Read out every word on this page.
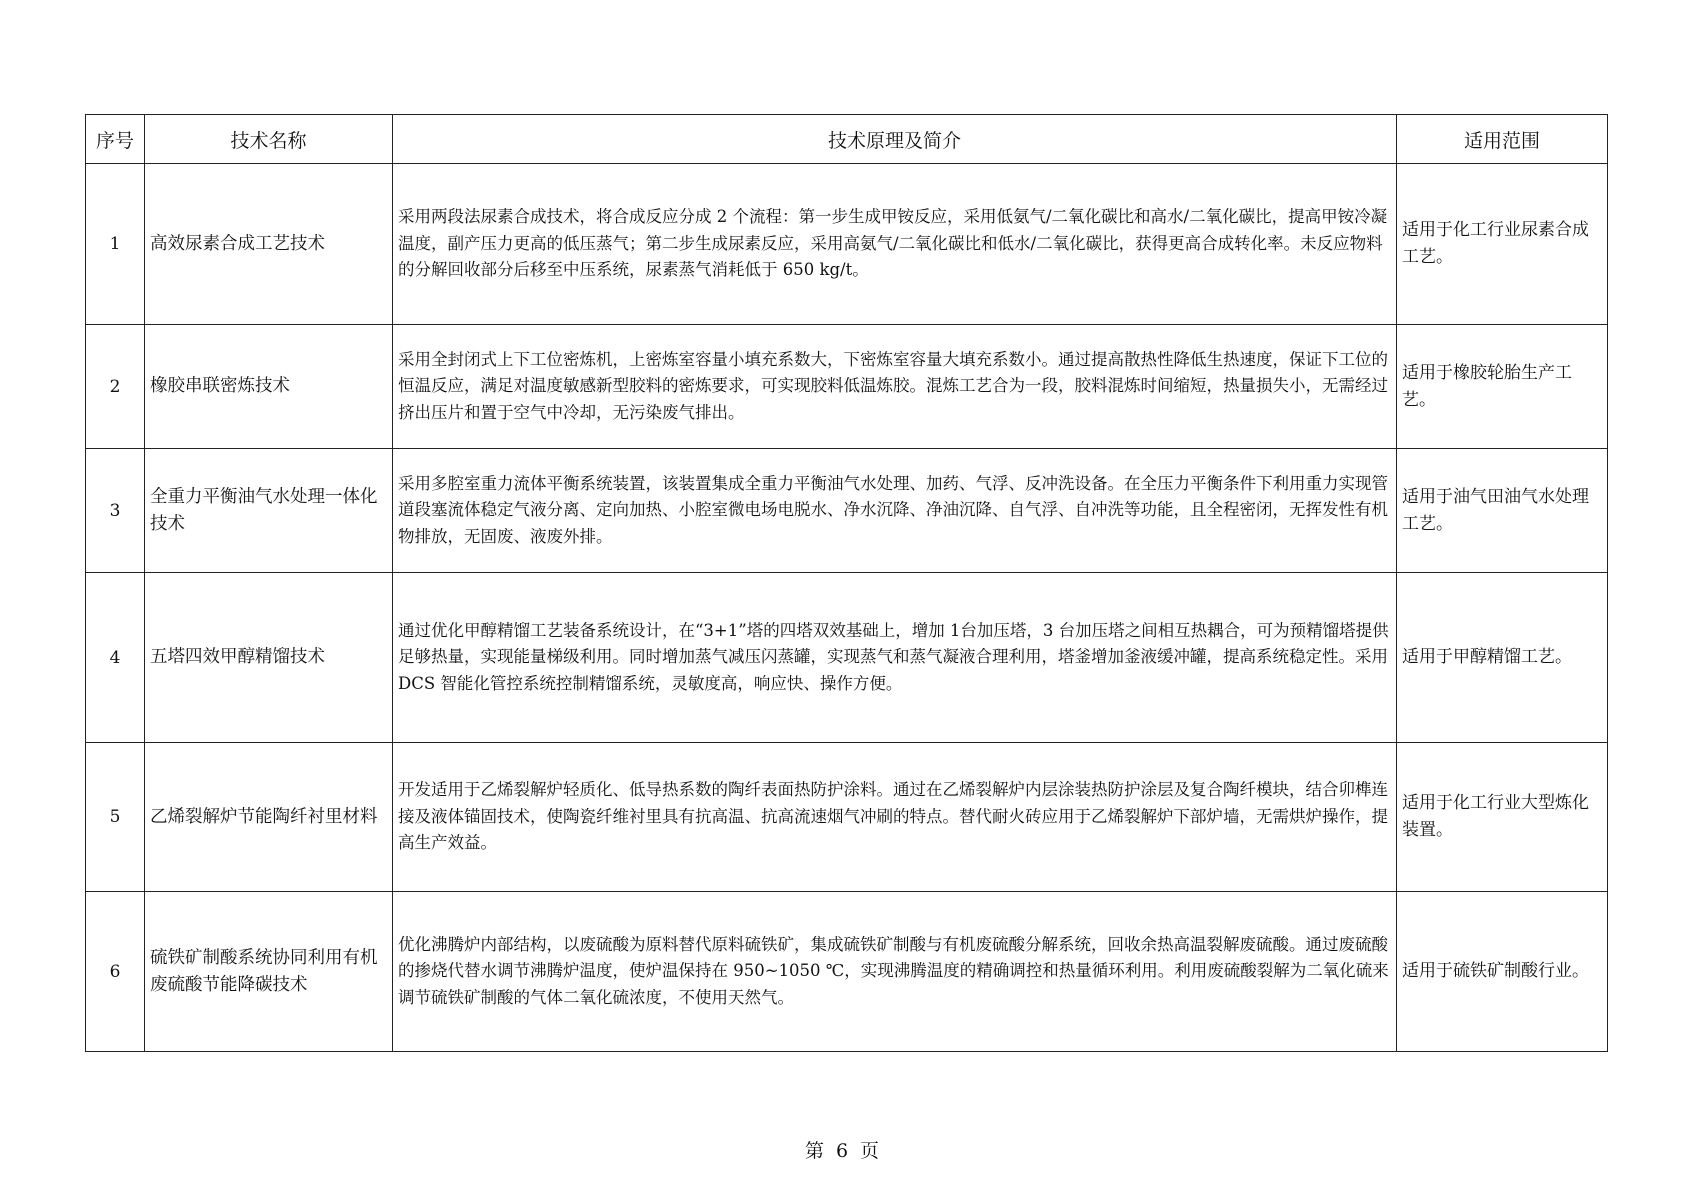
序号	技术名称	技术原理及简介	适用范围
1	高效尿素合成工艺技术	采用两段法尿素合成技术，将合成反应分成 2 个流程：第一步生成甲铵反应，采用低氨气/二氧化碳比和高水/二氧化碳比，提高甲铵冷凝温度，副产压力更高的低压蒸气；第二步生成尿素反应，采用高氨气/二氧化碳比和低水/二氧化碳比，获得更高合成转化率。未反应物料的分解回收部分后移至中压系统，尿素蒸气消耗低于 650 kg/t。	适用于化工行业尿素合成工艺。
2	橡胶串联密炼技术	采用全封闭式上下工位密炼机，上密炼室容量小填充系数大，下密炼室容量大填充系数小。通过提高散热性降低生热速度，保证下工位的恒温反应，满足对温度敏感新型胶料的密炼要求，可实现胶料低温炼胶。混炼工艺合为一段，胶料混炼时间缩短，热量损失小，无需经过挤出压片和置于空气中冷却，无污染废气排出。	适用于橡胶轮胎生产工艺。
3	全重力平衡油气水处理一体化技术	采用多腔室重力流体平衡系统装置，该装置集成全重力平衡油气水处理、加药、气浮、反冲洗设备。在全压力平衡条件下利用重力实现管道段塞流体稳定气液分离、定向加热、小腔室微电场电脱水、净水沉降、净油沉降、自气浮、自冲洗等功能，且全程密闭，无挥发性有机物排放，无固废、液废外排。	适用于油气田油气水处理工艺。
4	五塔四效甲醇精馏技术	通过优化甲醇精馏工艺装备系统设计，在“3+1”塔的四塔双效基础上，增加 1台加压塔，3 台加压塔之间相互热耦合，可为预精馏塔提供足够热量，实现能量梯级利用。同时增加蒸气减压闪蒸罐，实现蒸气和蒸气凝液合理利用，塔釜增加釜液缓冲罐，提高系统稳定性。采用 DCS 智能化管控系统控制精馏系统，灵敏度高，响应快、操作方便。	适用于甲醇精馏工艺。
5	乙烯裂解炉节能陶纤衬里材料	开发适用于乙烯裂解炉轻质化、低导热系数的陶纤表面热防护涂料。通过在乙烯裂解炉内层涂装热防护涂层及复合陶纤模块，结合卯榫连接及液体锚固技术，使陶瓷纤维衬里具有抗高温、抗高流速烟气冲刷的特点。替代耐火砖应用于乙烯裂解炉下部炉墙，无需烘炉操作，提高生产效益。	适用于化工行业大型炼化装置。
6	硫铁矿制酸系统协同利用有机废硫酸节能降碳技术	优化沸腾炉内部结构，以废硫酸为原料替代原料硫铁矿，集成硫铁矿制酸与有机废硫酸分解系统，回收余热高温裂解废硫酸。通过废硫酸的掺烧代替水调节沸腾炉温度，使炉温保持在 950~1050 ℃，实现沸腾温度的精确调控和热量循环利用。利用废硫酸裂解为二氧化硫来调节硫铁矿制酸的气体二氧化硫浓度，不使用天然气。	适用于硫铁矿制酸行业。
第 6 页
